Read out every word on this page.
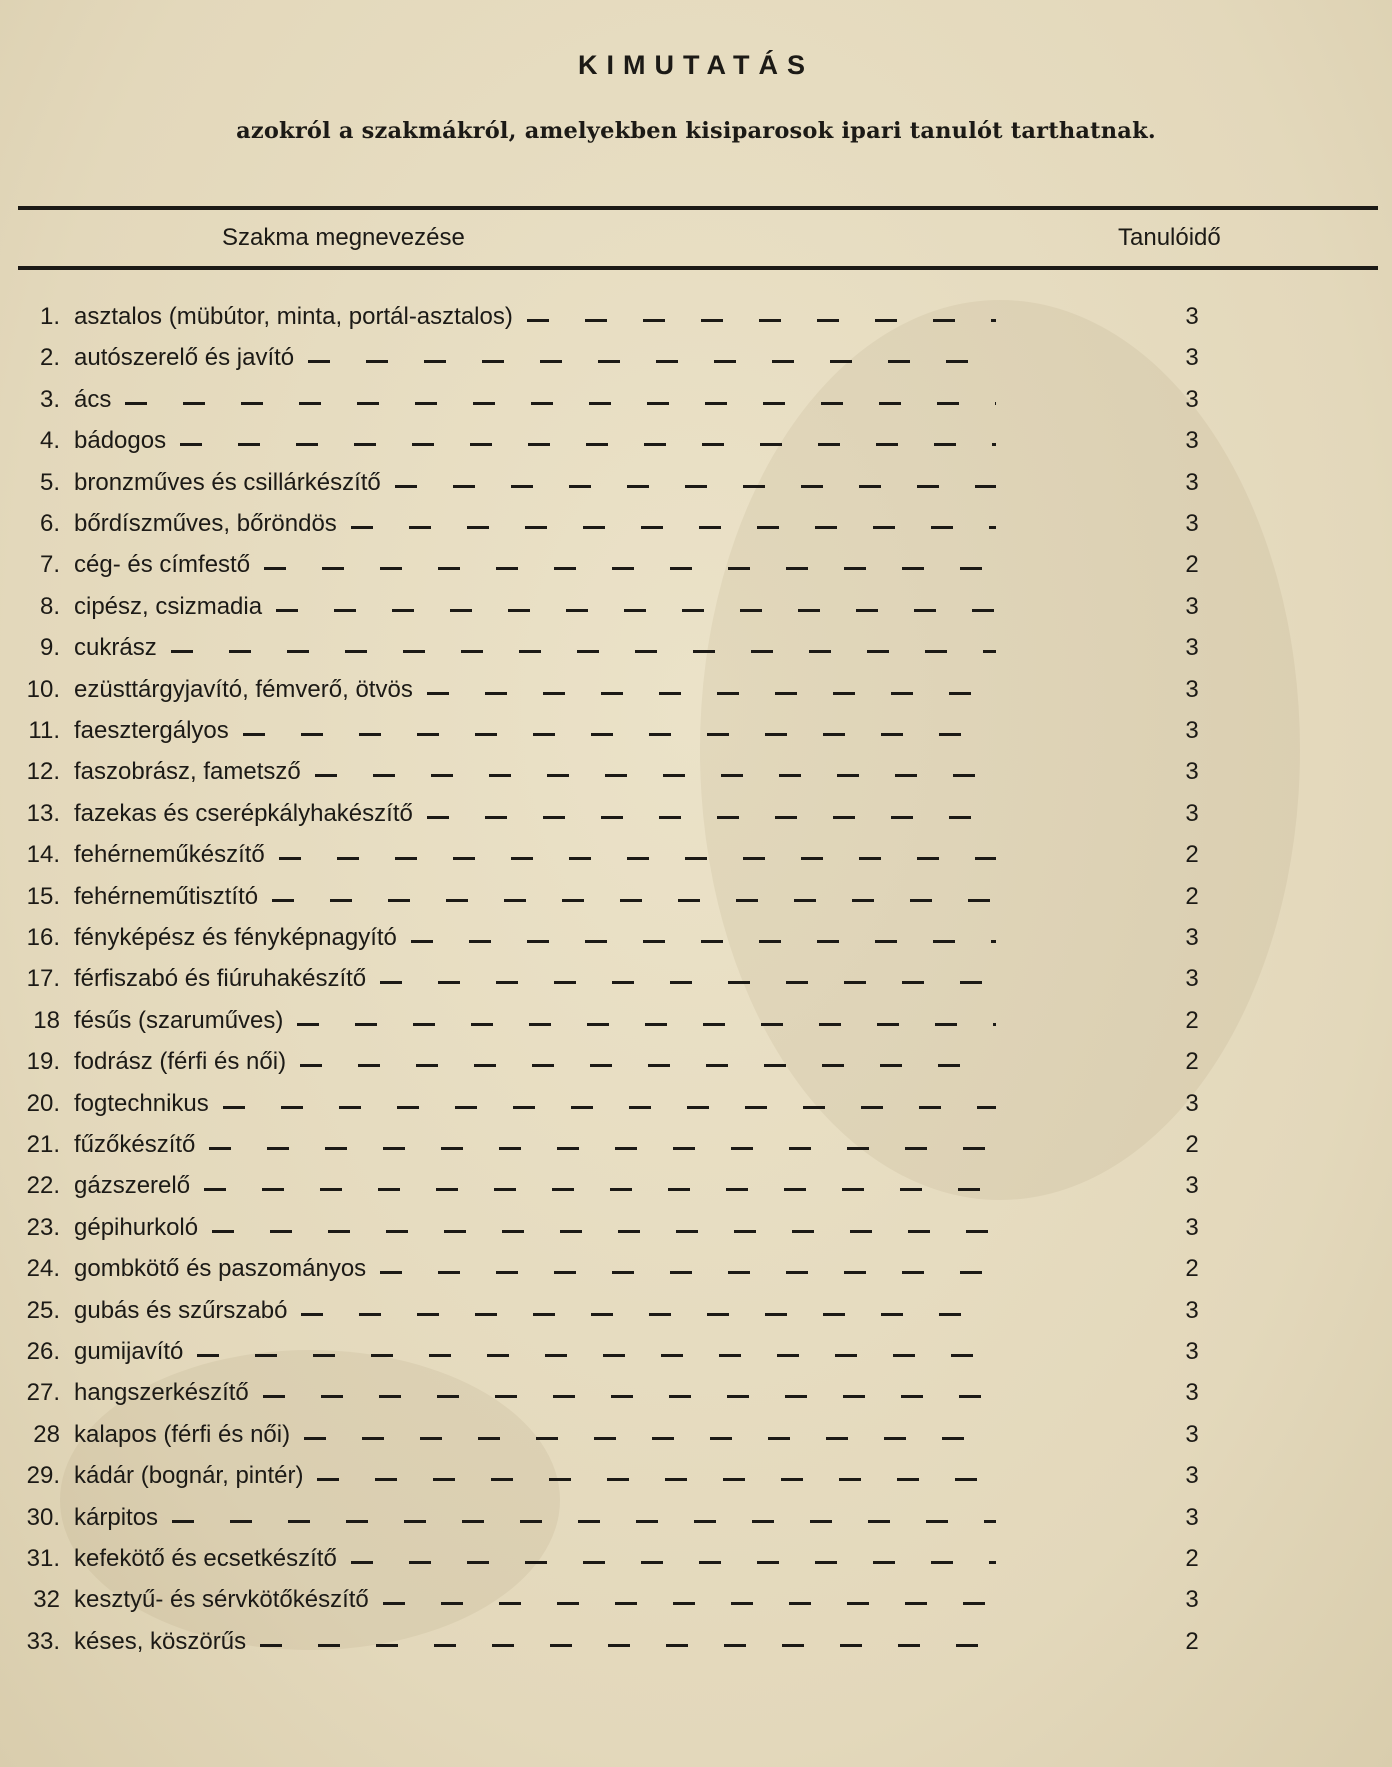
KIMUTATÁS
azokról a szakmákról, amelyekben kisiparosok ipari tanulót tarthatnak.
Szakma megnevezése	Tanulóidő
1. asztalos (mübútor, minta, portál-asztalos)	3
2. autószerelő és javító	3
3. ács	3
4. bádogos	3
5. bronzműves és csillárkészítő	3
6. bőrdíszműves, bőröndös	3
7. cég- és címfestő	2
8. cipész, csizmadia	3
9. cukrász	3
10. ezüsttárgyjavító, fémverő, ötvös	3
11. faesztergályos	3
12. faszobrász, fametsző	3
13. fazekas és cserépkályhakészítő	3
14. fehérneműkészítő	2
15. fehérneműtisztító	2
16. fényképész és fényképnagyító	3
17. férfiszabó és fiúruhakészítő	3
18 fésűs (szaruműves)	2
19. fodrász (férfi és női)	2
20. fogtechnikus	3
21. fűzőkészítő	2
22. gázszerelő	3
23. gépihurkoló	3
24. gombkötő és paszományos	2
25. gubás és szűrszabó	3
26. gumijavító	3
27. hangszerkészítő	3
28 kalapos (férfi és női)	3
29. kádár (bognár, pintér)	3
30. kárpitos	3
31. kefekötő és ecsetkészítő	2
32 kesztyű- és sérvkötőkészítő	3
33. késes, köszörűs	2
